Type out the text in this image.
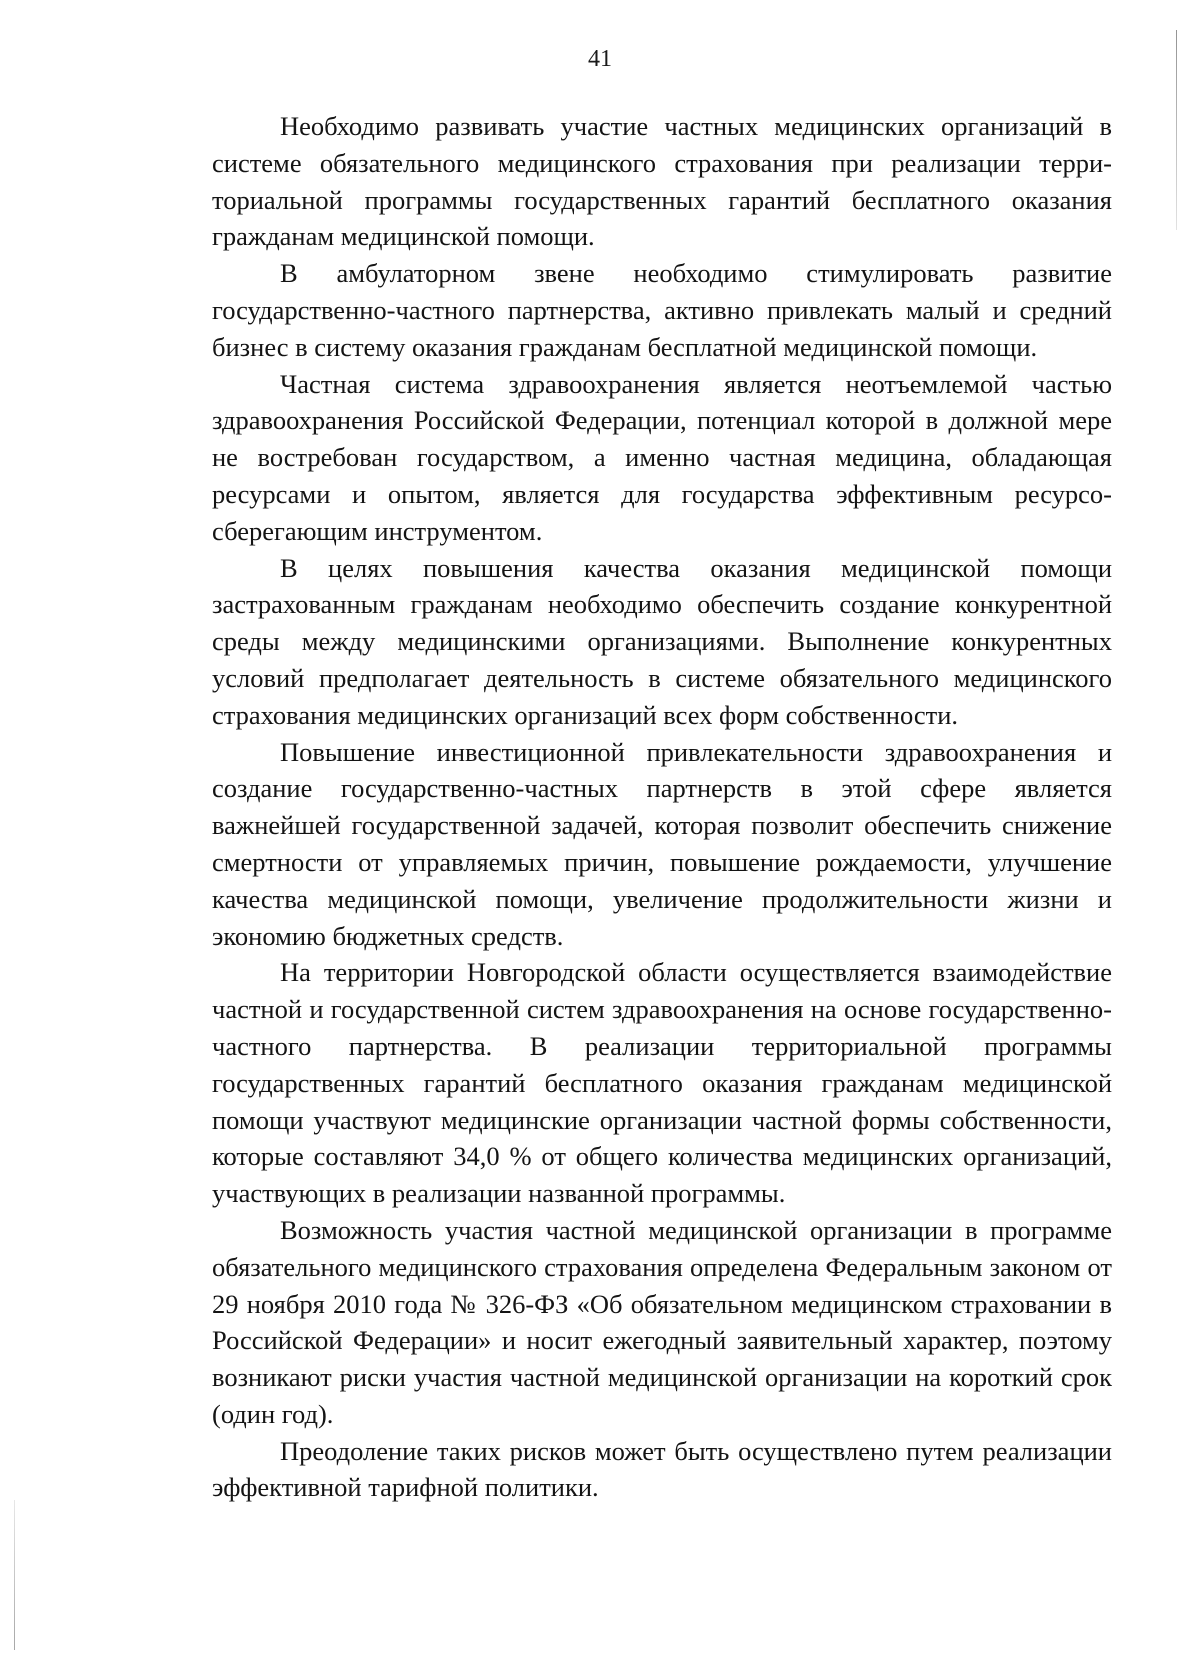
41

Необходимо развивать участие частных медицинских организаций в системе обязательного медицинского страхования при реализации территориальной программы государственных гарантий бесплатного оказания гражданам медицинской помощи.

В амбулаторном звене необходимо стимулировать развитие государственно-частного партнерства, активно привлекать малый и средний бизнес в систему оказания гражданам бесплатной медицинской помощи.

Частная система здравоохранения является неотъемлемой частью здравоохранения Российской Федерации, потенциал которой в должной мере не востребован государством, а именно частная медицина, обладающая ресурсами и опытом, является для государства эффективным ресурсосберегающим инструментом.

В целях повышения качества оказания медицинской помощи застрахованным гражданам необходимо обеспечить создание конкурентной среды между медицинскими организациями. Выполнение конкурентных условий предполагает деятельность в системе обязательного медицинского страхования медицинских организаций всех форм собственности.

Повышение инвестиционной привлекательности здравоохранения и создание государственно-частных партнерств в этой сфере является важнейшей государственной задачей, которая позволит обеспечить снижение смертности от управляемых причин, повышение рождаемости, улучшение качества медицинской помощи, увеличение продолжительности жизни и экономию бюджетных средств.

На территории Новгородской области осуществляется взаимодействие частной и государственной систем здравоохранения на основе государственно-частного партнерства. В реализации территориальной программы государственных гарантий бесплатного оказания гражданам медицинской помощи участвуют медицинские организации частной формы собственности, которые составляют 34,0 % от общего количества медицинских организаций, участвующих в реализации названной программы.

Возможность участия частной медицинской организации в программе обязательного медицинского страхования определена Федеральным законом от 29 ноября 2010 года № 326-ФЗ «Об обязательном медицинском страховании в Российской Федерации» и носит ежегодный заявительный характер, поэтому возникают риски участия частной медицинской организации на короткий срок (один год).

Преодоление таких рисков может быть осуществлено путем реализации эффективной тарифной политики.
